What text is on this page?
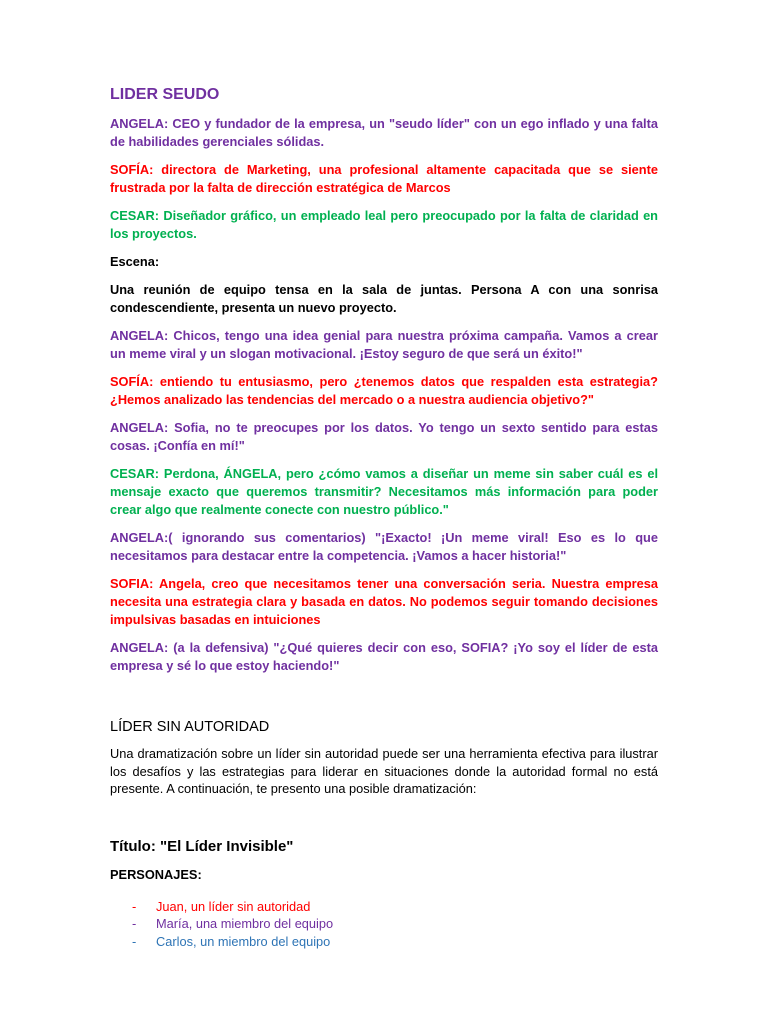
LIDER SEUDO

ANGELA: CEO y fundador de la empresa, un "seudo líder" con un ego inflado y una falta de habilidades gerenciales sólidas.

SOFÍA: directora de Marketing, una profesional altamente capacitada que se siente frustrada por la falta de dirección estratégica de Marcos

CESAR: Diseñador gráfico, un empleado leal pero preocupado por la falta de claridad en los proyectos.

Escena:

Una reunión de equipo tensa en la sala de juntas. Persona A con una sonrisa condescendiente, presenta un nuevo proyecto.

ANGELA: Chicos, tengo una idea genial para nuestra próxima campaña. Vamos a crear un meme viral y un slogan motivacional. ¡Estoy seguro de que será un éxito!"

SOFÍA: entiendo tu entusiasmo, pero ¿tenemos datos que respalden esta estrategia? ¿Hemos analizado las tendencias del mercado o a nuestra audiencia objetivo?"

ANGELA: Sofia, no te preocupes por los datos. Yo tengo un sexto sentido para estas cosas. ¡Confía en mí!"

CESAR: Perdona, ÁNGELA, pero ¿cómo vamos a diseñar un meme sin saber cuál es el mensaje exacto que queremos transmitir? Necesitamos más información para poder crear algo que realmente conecte con nuestro público."

ANGELA:( ignorando sus comentarios) "¡Exacto! ¡Un meme viral! Eso es lo que necesitamos para destacar entre la competencia. ¡Vamos a hacer historia!"

SOFIA: Angela, creo que necesitamos tener una conversación seria. Nuestra empresa necesita una estrategia clara y basada en datos. No podemos seguir tomando decisiones impulsivas basadas en intuiciones

ANGELA: (a la defensiva) "¿Qué quieres decir con eso, SOFIA? ¡Yo soy el líder de esta empresa y sé lo que estoy haciendo!"

LÍDER SIN AUTORIDAD

Una dramatización sobre un líder sin autoridad puede ser una herramienta efectiva para ilustrar los desafíos y las estrategias para liderar en situaciones donde la autoridad formal no está presente. A continuación, te presento una posible dramatización:

Título: "El Líder Invisible"
PERSONAJES:
-	Juan, un líder sin autoridad
-	María, una miembro del equipo
-	Carlos, un miembro del equipo
